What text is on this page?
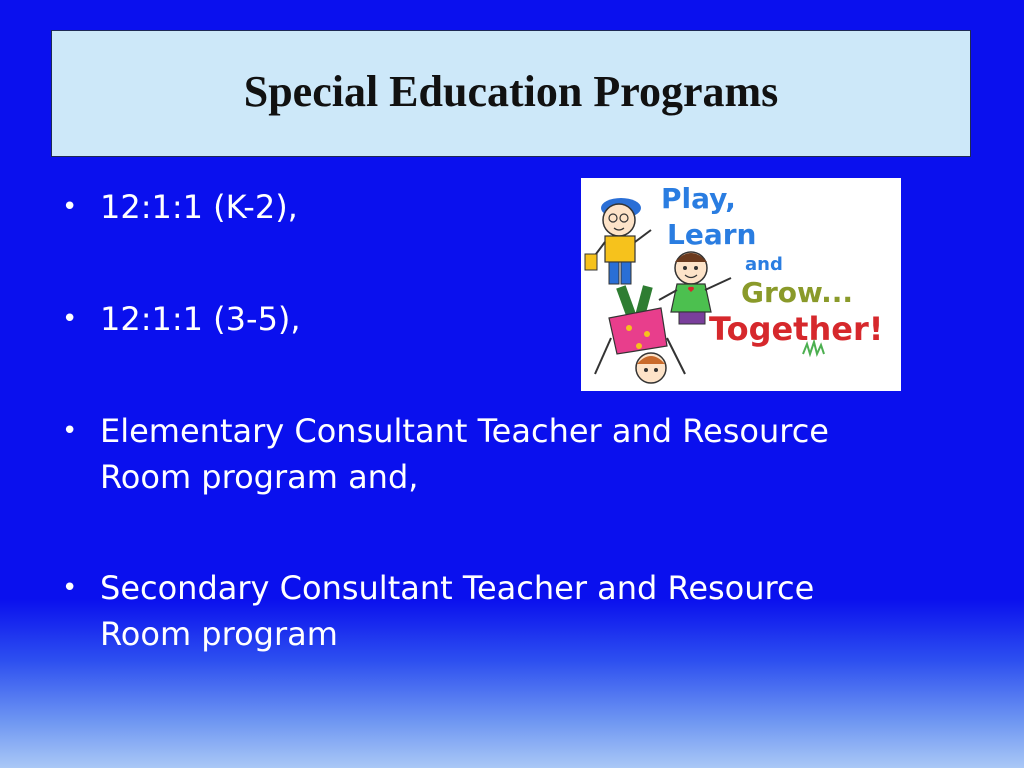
Special Education Programs
• 12:1:1 (K-2),
• 12:1:1 (3-5),
• Elementary Consultant Teacher and Resource Room program and,
• Secondary Consultant Teacher and Resource Room program
Play,
Learn
and
Grow...
Together!
